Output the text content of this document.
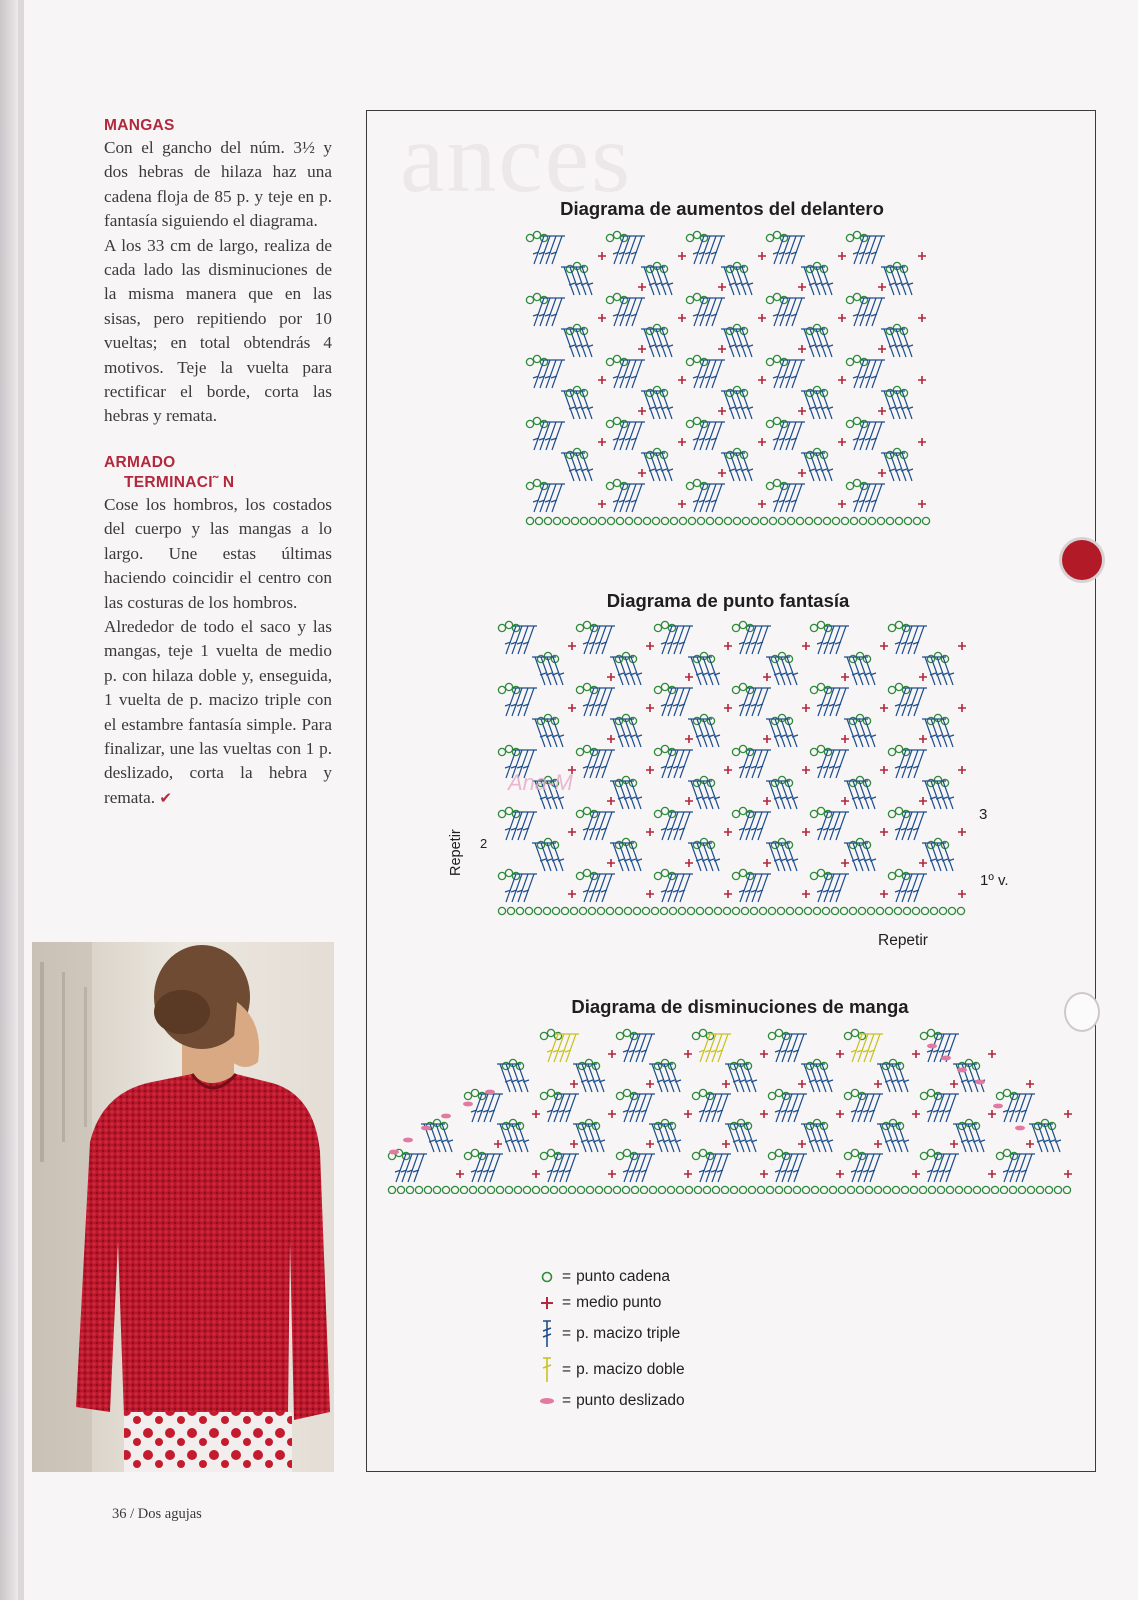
ances
MANGAS

Con el gancho del núm. 3½ y dos hebras de hilaza haz una cadena floja de 85 p. y teje en p. fantasía siguiendo el diagrama.

A los 33 cm de largo, realiza de cada lado las disminuciones de la misma manera que en las sisas, pero repitiendo por 10 vueltas; en total obtendrás 4 motivos. Teje la vuelta para rectificar el borde, corta las hebras y remata.

ARMADO
TERMINACI˜ N

Cose los hombros, los costados del cuerpo y las mangas a lo largo. Une estas últimas haciendo coincidir el centro con las costuras de los hombros.

Alrededor de todo el saco y las mangas, teje 1 vuelta de medio p. con hilaza doble y, enseguida, 1 vuelta de p. macizo triple con el estambre fantasía simple. Para finalizar, une las vueltas con 1 p. deslizado, corta la hebra y remata. ✔

36 / Dos agujas
Diagrama de aumentos del delantero
Diagrama de punto fantasía
Repetir 2
3
1º v.
Repetir
Ana-M
Diagrama de disminuciones de manga
= punto cadena
= medio punto
= p. macizo triple
= p. macizo doble
= punto deslizado
